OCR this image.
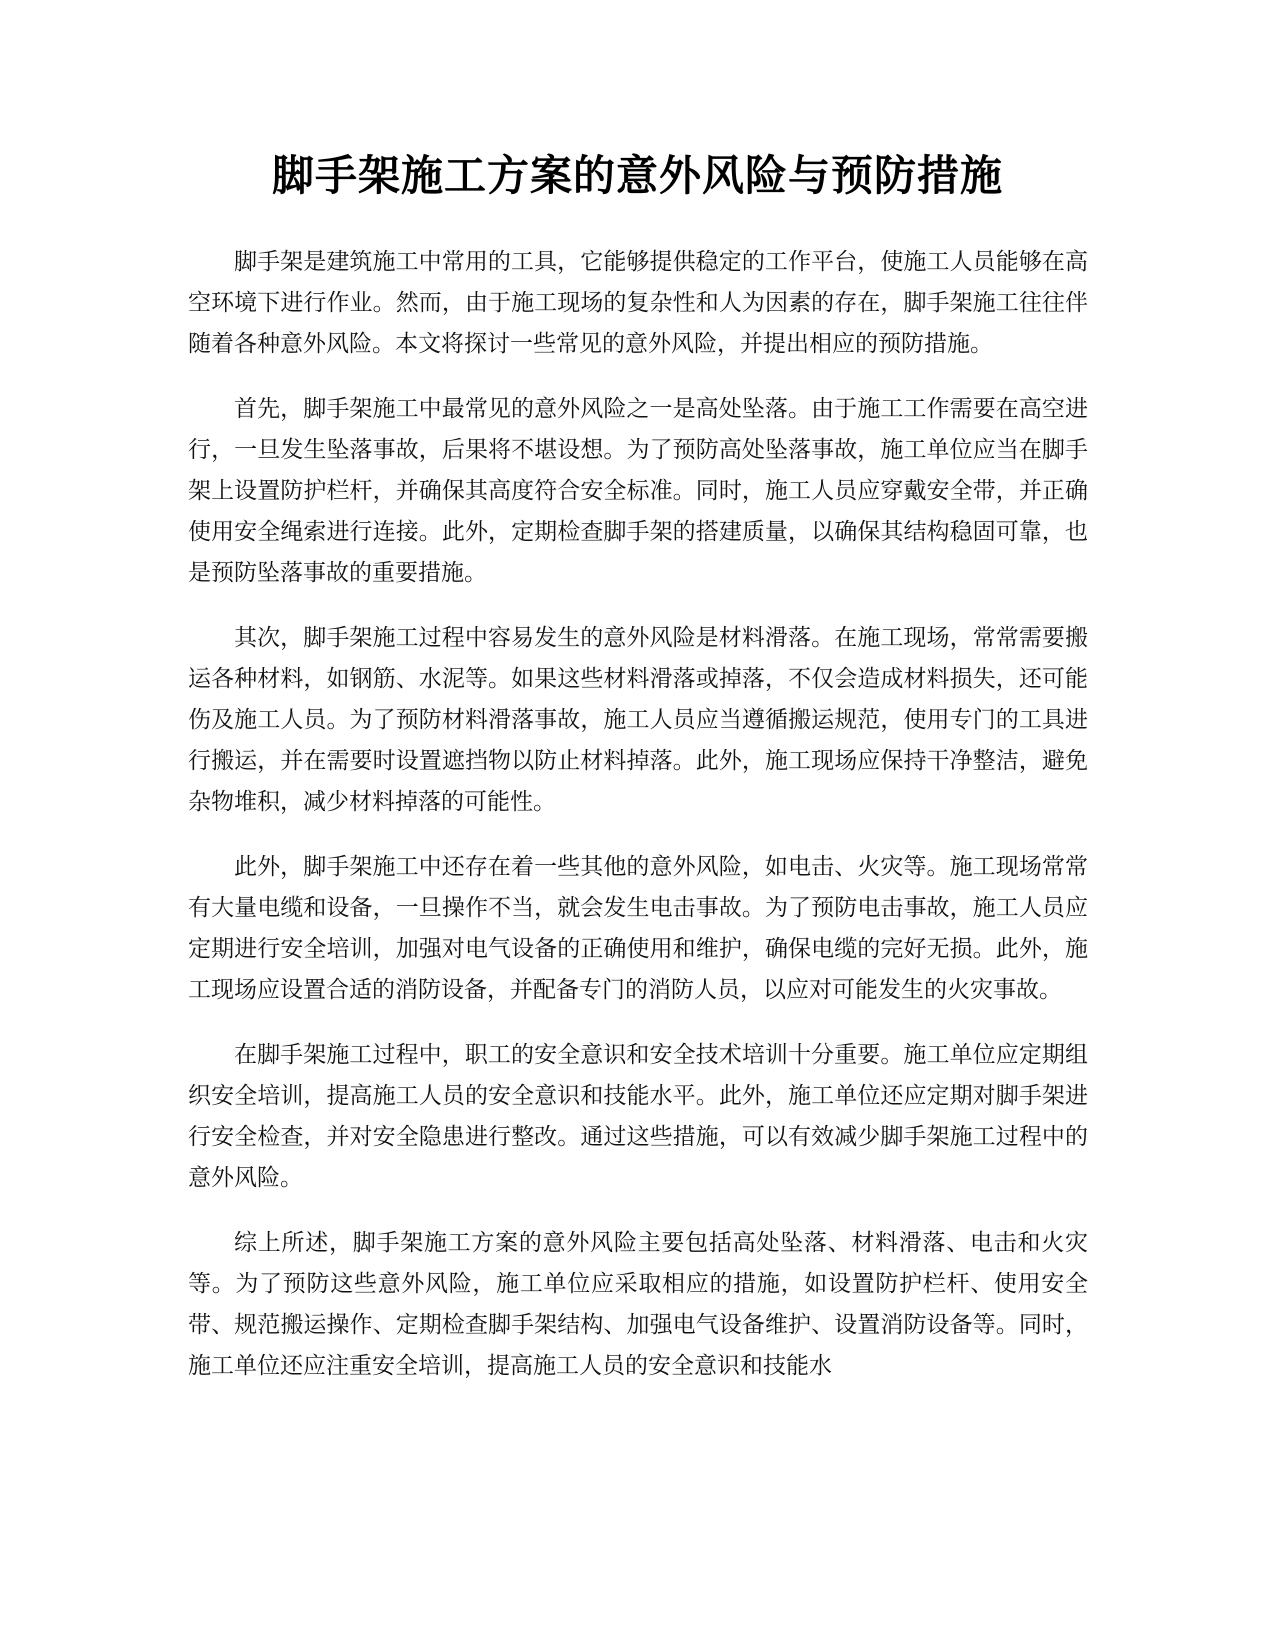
脚手架施工方案的意外风险与预防措施

脚手架是建筑施工中常用的工具，它能够提供稳定的工作平台，使施工人员能够在高空环境下进行作业。然而，由于施工现场的复杂性和人为因素的存在，脚手架施工往往伴随着各种意外风险。本文将探讨一些常见的意外风险，并提出相应的预防措施。

首先，脚手架施工中最常见的意外风险之一是高处坠落。由于施工工作需要在高空进行，一旦发生坠落事故，后果将不堪设想。为了预防高处坠落事故，施工单位应当在脚手架上设置防护栏杆，并确保其高度符合安全标准。同时，施工人员应穿戴安全带，并正确使用安全绳索进行连接。此外，定期检查脚手架的搭建质量，以确保其结构稳固可靠，也是预防坠落事故的重要措施。

其次，脚手架施工过程中容易发生的意外风险是材料滑落。在施工现场，常常需要搬运各种材料，如钢筋、水泥等。如果这些材料滑落或掉落，不仅会造成材料损失，还可能伤及施工人员。为了预防材料滑落事故，施工人员应当遵循搬运规范，使用专门的工具进行搬运，并在需要时设置遮挡物以防止材料掉落。此外，施工现场应保持干净整洁，避免杂物堆积，减少材料掉落的可能性。

此外，脚手架施工中还存在着一些其他的意外风险，如电击、火灾等。施工现场常常有大量电缆和设备，一旦操作不当，就会发生电击事故。为了预防电击事故，施工人员应定期进行安全培训，加强对电气设备的正确使用和维护，确保电缆的完好无损。此外，施工现场应设置合适的消防设备，并配备专门的消防人员，以应对可能发生的火灾事故。

在脚手架施工过程中，职工的安全意识和安全技术培训十分重要。施工单位应定期组织安全培训，提高施工人员的安全意识和技能水平。此外，施工单位还应定期对脚手架进行安全检查，并对安全隐患进行整改。通过这些措施，可以有效减少脚手架施工过程中的意外风险。

综上所述，脚手架施工方案的意外风险主要包括高处坠落、材料滑落、电击和火灾等。为了预防这些意外风险，施工单位应采取相应的措施，如设置防护栏杆、使用安全带、规范搬运操作、定期检查脚手架结构、加强电气设备维护、设置消防设备等。同时，施工单位还应注重安全培训，提高施工人员的安全意识和技能水
